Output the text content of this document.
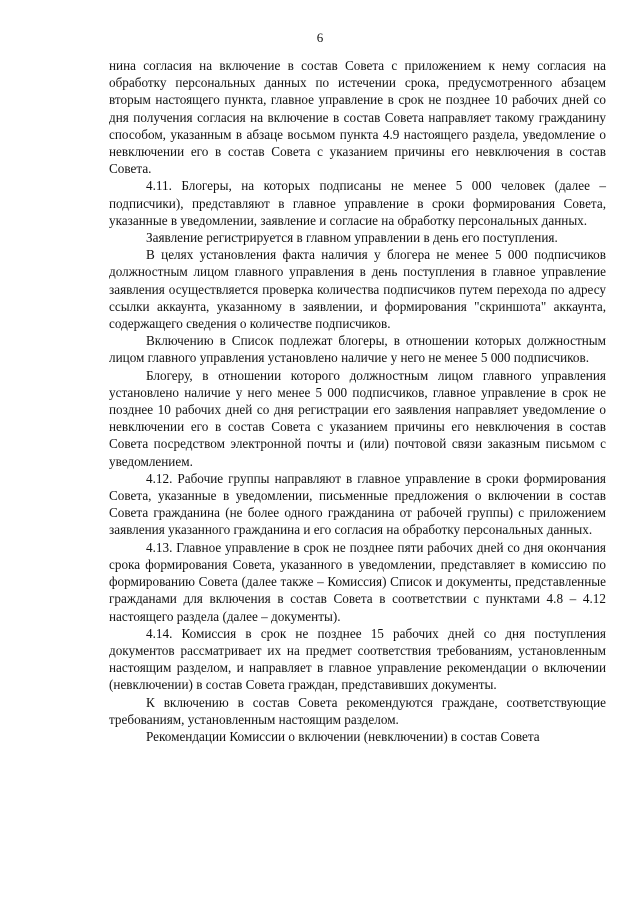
6

нина согласия на включение в состав Совета с приложением к нему согласия на обработку персональных данных по истечении срока, предусмотренного абзацем вторым настоящего пункта, главное управление в срок не позднее 10 рабочих дней со дня получения согласия на включение в состав Совета направляет такому гражданину способом, указанным в абзаце восьмом пункта 4.9 настоящего раздела, уведомление о невключении его в состав Совета с указанием причины его невключения в состав Совета.

4.11. Блогеры, на которых подписаны не менее 5 000 человек (далее – подписчики), представляют в главное управление в сроки формирования Совета, указанные в уведомлении, заявление и согласие на обработку персональных данных.

Заявление регистрируется в главном управлении в день его поступления.

В целях установления факта наличия у блогера не менее 5 000 подписчиков должностным лицом главного управления в день поступления в главное управление заявления осуществляется проверка количества подписчиков путем перехода по адресу ссылки аккаунта, указанному в заявлении, и формирования "скриншота" аккаунта, содержащего сведения о количестве подписчиков.

Включению в Список подлежат блогеры, в отношении которых должностным лицом главного управления установлено наличие у него не менее 5 000 подписчиков.

Блогеру, в отношении которого должностным лицом главного управления установлено наличие у него менее 5 000 подписчиков, главное управление в срок не позднее 10 рабочих дней со дня регистрации его заявления направляет уведомление о невключении его в состав Совета с указанием причины его невключения в состав Совета посредством электронной почты и (или) почтовой связи заказным письмом с уведомлением.

4.12. Рабочие группы направляют в главное управление в сроки формирования Совета, указанные в уведомлении, письменные предложения о включении в состав Совета гражданина (не более одного гражданина от рабочей группы) с приложением заявления указанного гражданина и его согласия на обработку персональных данных.

4.13. Главное управление в срок не позднее пяти рабочих дней со дня окончания срока формирования Совета, указанного в уведомлении, представляет в комиссию по формированию Совета (далее также – Комиссия) Список и документы, представленные гражданами для включения в состав Совета в соответствии с пунктами 4.8 – 4.12 настоящего раздела (далее – документы).

4.14. Комиссия в срок не позднее 15 рабочих дней со дня поступления документов рассматривает их на предмет соответствия требованиям, установленным настоящим разделом, и направляет в главное управление рекомендации о включении (невключении) в состав Совета граждан, представивших документы.

К включению в состав Совета рекомендуются граждане, соответствующие требованиям, установленным настоящим разделом.

Рекомендации Комиссии о включении (невключении) в состав Совета
